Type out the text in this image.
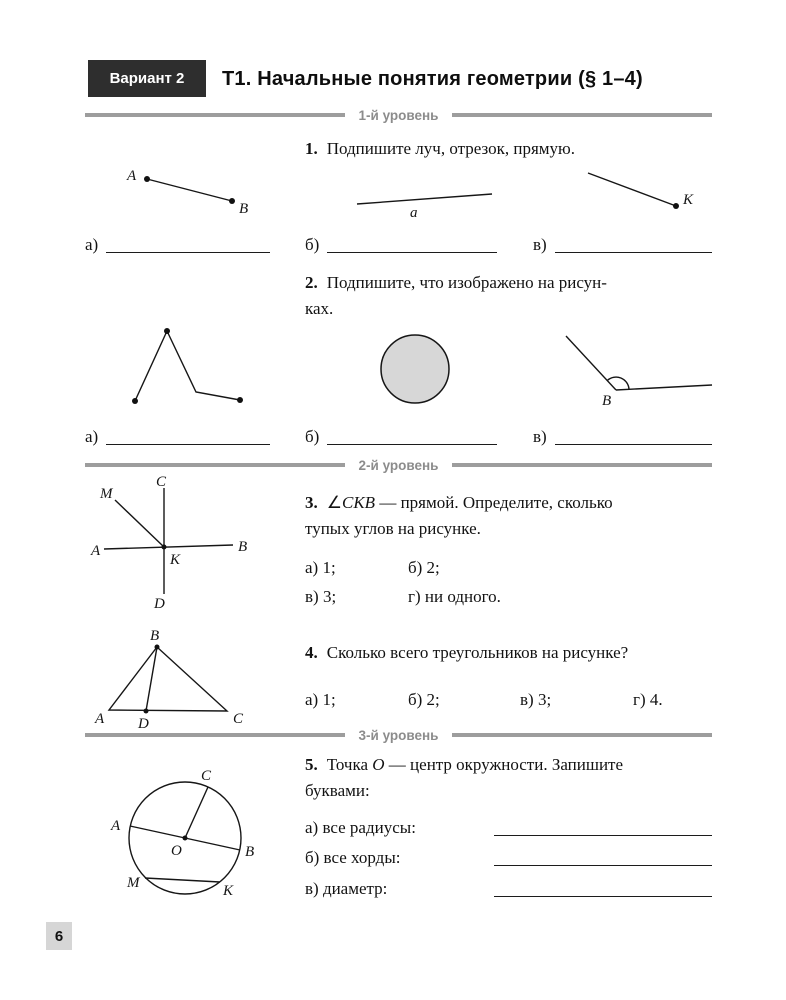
Вариант 2 Т1. Начальные понятия геометрии (§ 1–4)
1-й уровень
1. Подпишите луч, отрезок, прямую.
A
B	a
K
а)	б)	в)
2. Подпишите, что изображено на рисун-
ках.
B
а)	б)	в)
2-й уровень
C
M
A	B
K
D
3. ∠CKB — прямой. Определите, сколько
тупых углов на рисунке.
а) 1;	б) 2;
в) 3;	г) ни одного.
A
B
C
D
4. Сколько всего треугольников на рисунке?
а) 1;	б) 2;	в) 3;	г) 4.
3-й уровень
C
A
B
O
M	K
5. Точка O — центр окружности. Запишите
буквами:
а) все радиусы:
б) все хорды:
в) диаметр:
6
